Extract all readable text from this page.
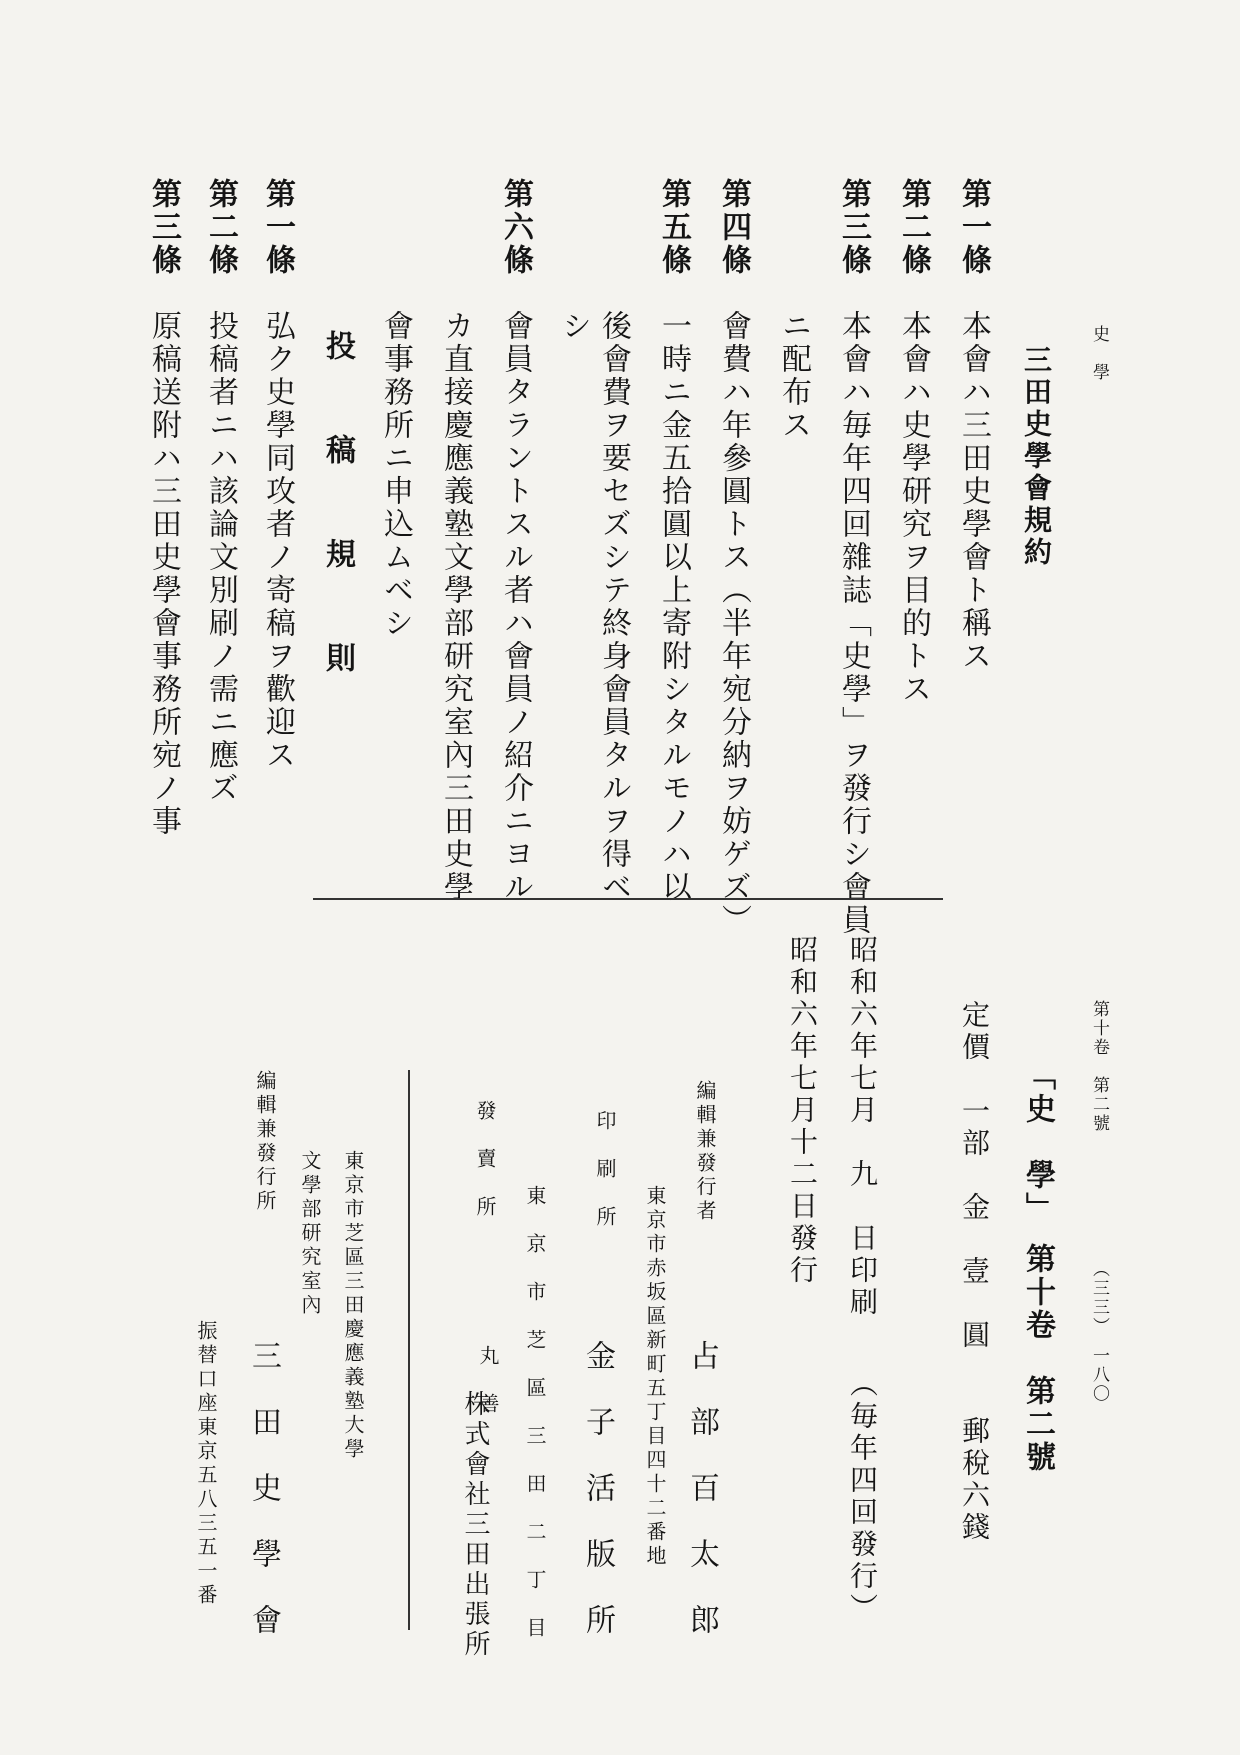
史　學
第十卷　第二號
（三三）　一八〇
三田史學會規約
第一條
本會ハ三田史學會ト稱ス
第二條
本會ハ史學研究ヲ目的トス
第三條
本會ハ毎年四回雜誌「史學」ヲ發行シ會員
ニ配布ス
第四條
會費ハ年參圓トス（半年宛分納ヲ妨ゲズ）
第五條
一時ニ金五拾圓以上寄附シタルモノハ以
後會費ヲ要セズシテ終身會員タルヲ得ベ
シ
第六條
會員タラントスル者ハ會員ノ紹介ニヨル
カ直接慶應義塾文學部研究室內三田史學
會事務所ニ申込ムベシ
投　稿　規　則
第一條
弘ク史學同攻者ノ寄稿ヲ歡迎ス
第二條
投稿者ニハ該論文別刷ノ需ニ應ズ
第三條
原稿送附ハ三田史學會事務所宛ノ事
「史　學」　第十卷　第二號
定價　一部　金　壹　圓　　郵稅六錢
昭和六年七月　九　日印刷　　（毎年四回發行）
昭和六年七月十二日發行
編輯兼發行者
東京市赤坂區新町五丁目四十二番地 占　部　百　太　郎
印　刷　所
金　子　活　版　所
東　京　市　芝　區　三　田　二　丁　目
發　賣　所
丸　善
株式會社三田出張所
東京市芝區三田慶應義塾大學
文學部研究室內
編輯兼發行所
三　田　史　學　會
振替口座東京五八三五一番
